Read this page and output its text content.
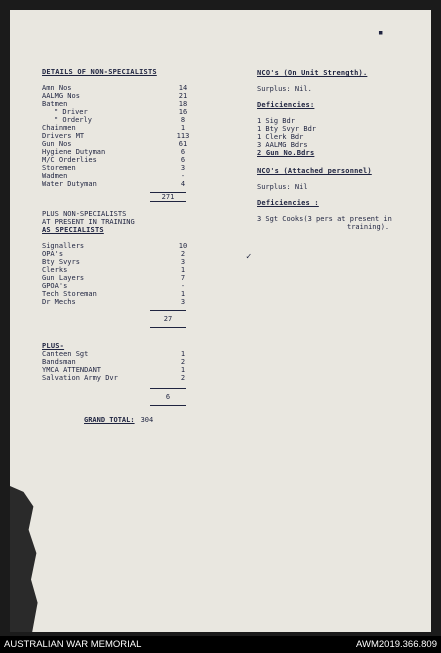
▪
✓
DETAILS OF NON-SPECIALISTS
Amn Nos	14
AALMG Nos	21
Batmen	18
" Driver	16
" Orderly	8
Chainmen	1
Drivers MT	113
Gun Nos	61
Hygiene Dutyman	6
M/C Orderlies	6
Storemen	3
Wadmen	-
Water Dutyman	4
271
PLUS NON-SPECIALISTS
AT PRESENT IN TRAINING
AS SPECIALISTS
Signallers	10
OPA's	2
Bty Svyrs	3
Clerks	1
Gun Layers	7
GPOA's	-
Tech Storeman	1
Dr Mechs	3
27
PLUS-
Canteen Sgt	1
Bandsman	2
YMCA ATTENDANT	1
Salvation Army Dvr	2
6
GRAND TOTAL: 304
NCO's (On Unit Strength).
Surplus: Nil.
Deficiencies:
1 Sig Bdr
1 Bty Svyr Bdr
1 Clerk Bdr
3 AALMG Bdrs
2 Gun No.Bdrs
NCO's (Attached personnel)
Surplus: Nil
Deficiencies :
3 Sgt Cooks(3 pers at present in
training).
AUSTRALIAN WAR MEMORIAL	AWM2019.366.809
